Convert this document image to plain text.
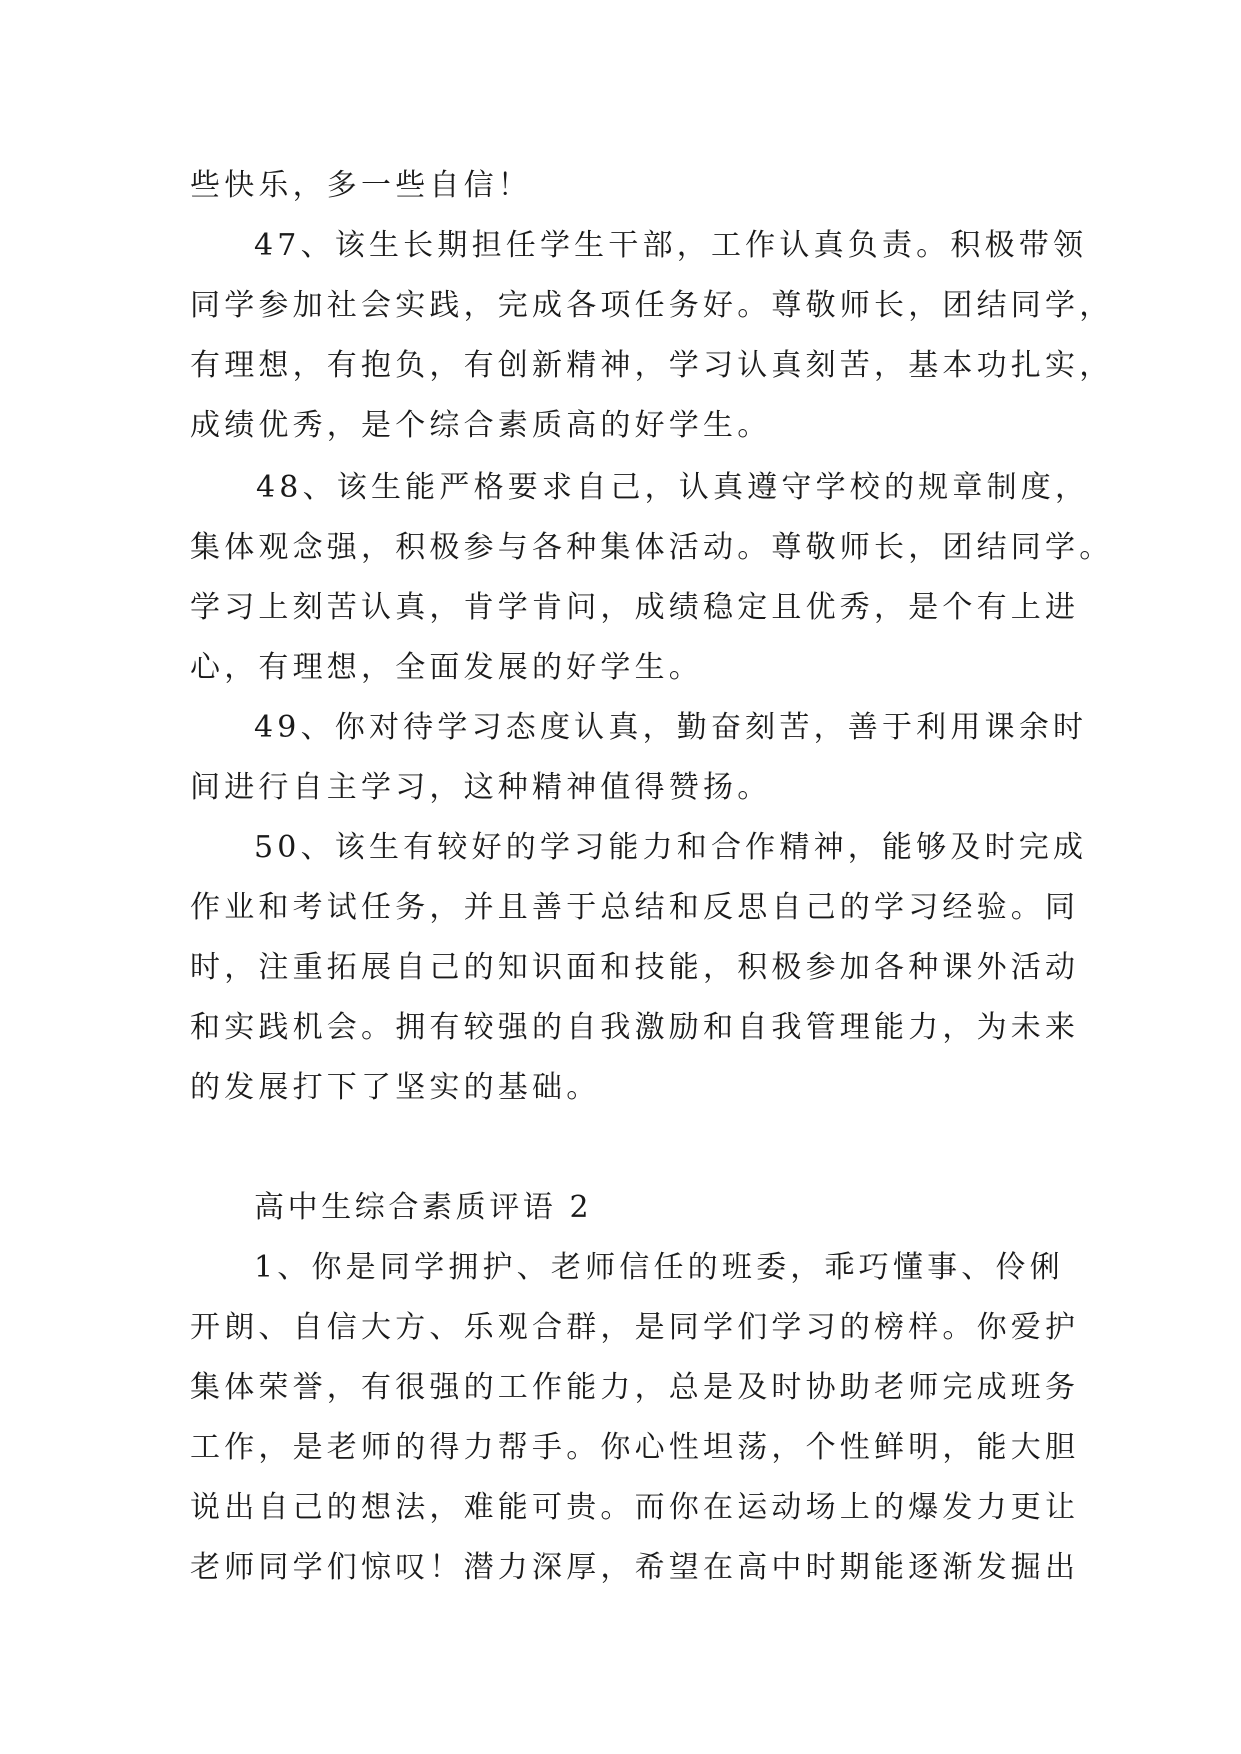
些快乐，多一些自信！
47、该生长期担任学生干部，工作认真负责。积极带领
同学参加社会实践，完成各项任务好。尊敬师长，团结同学，
有理想，有抱负，有创新精神，学习认真刻苦，基本功扎实，
成绩优秀，是个综合素质高的好学生。
48、该生能严格要求自己，认真遵守学校的规章制度，
集体观念强，积极参与各种集体活动。尊敬师长，团结同学。
学习上刻苦认真，肯学肯问，成绩稳定且优秀，是个有上进
心，有理想，全面发展的好学生。
49、你对待学习态度认真，勤奋刻苦，善于利用课余时
间进行自主学习，这种精神值得赞扬。
50、该生有较好的学习能力和合作精神，能够及时完成
作业和考试任务，并且善于总结和反思自己的学习经验。同
时，注重拓展自己的知识面和技能，积极参加各种课外活动
和实践机会。拥有较强的自我激励和自我管理能力，为未来
的发展打下了坚实的基础。
高中生综合素质评语 2
1、你是同学拥护、老师信任的班委，乖巧懂事、伶俐
开朗、自信大方、乐观合群，是同学们学习的榜样。你爱护
集体荣誉，有很强的工作能力，总是及时协助老师完成班务
工作，是老师的得力帮手。你心性坦荡，个性鲜明，能大胆
说出自己的想法，难能可贵。而你在运动场上的爆发力更让
老师同学们惊叹！潜力深厚，希望在高中时期能逐渐发掘出
